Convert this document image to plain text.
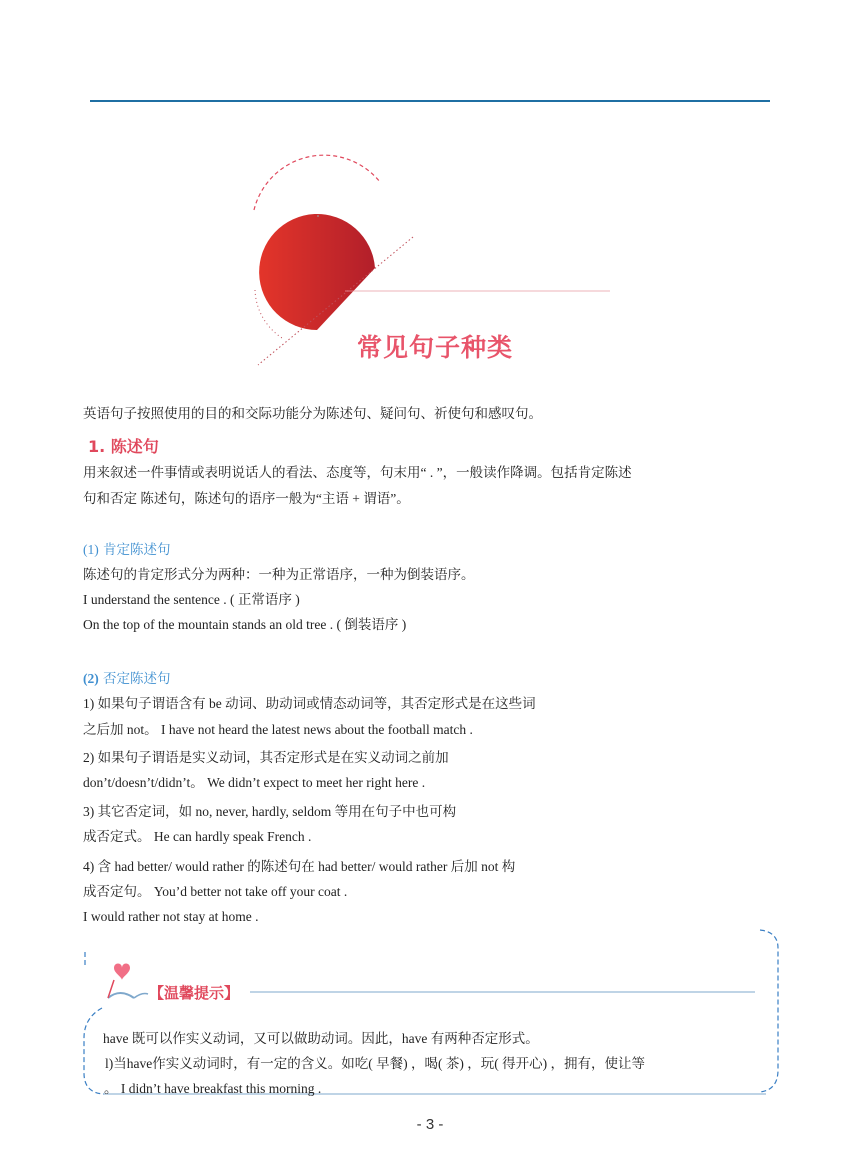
常见句子种类
英语句子按照使用的目的和交际功能分为陈述句、疑问句、祈使句和感叹句。
1. 陈述句
用来叙述一件事情或表明说话人的看法、态度等，句末用“ . ”，一般读作降调。包括肯定陈述
句和否定 陈述句，陈述句的语序一般为“主语 + 谓语”。
(1) 肯定陈述句
陈述句的肯定形式分为两种：一种为正常语序，一种为倒装语序。
I understand the sentence . ( 正常语序 )
On the top of the mountain stands an old tree . ( 倒装语序 )
(2) 否定陈述句
1) 如果句子谓语含有 be 动词、助动词或情态动词等，其否定形式是在这些词
之后加 not。 I have not heard the latest news about the football match .
2) 如果句子谓语是实义动词，其否定形式是在实义动词之前加
don’t/doesn’t/didn’t。 We didn’t expect to meet her right here .
3) 其它否定词，如 no, never, hardly, seldom 等用在句子中也可构
成否定式。 He can hardly speak French .
4) 含 had better/ would rather 的陈述句在 had better/ would rather 后加 not 构
成否定句。 You’d better not take off your coat .
I would rather not stay at home .
【温馨提示】
have 既可以作实义动词，又可以做助动词。因此，have 有两种否定形式。
l)当have作实义动词时，有一定的含义。如吃( 早餐) ，喝( 茶) ，玩( 得开心) ，拥有，使让等
。 I didn’t have breakfast this morning .
- 3 -
